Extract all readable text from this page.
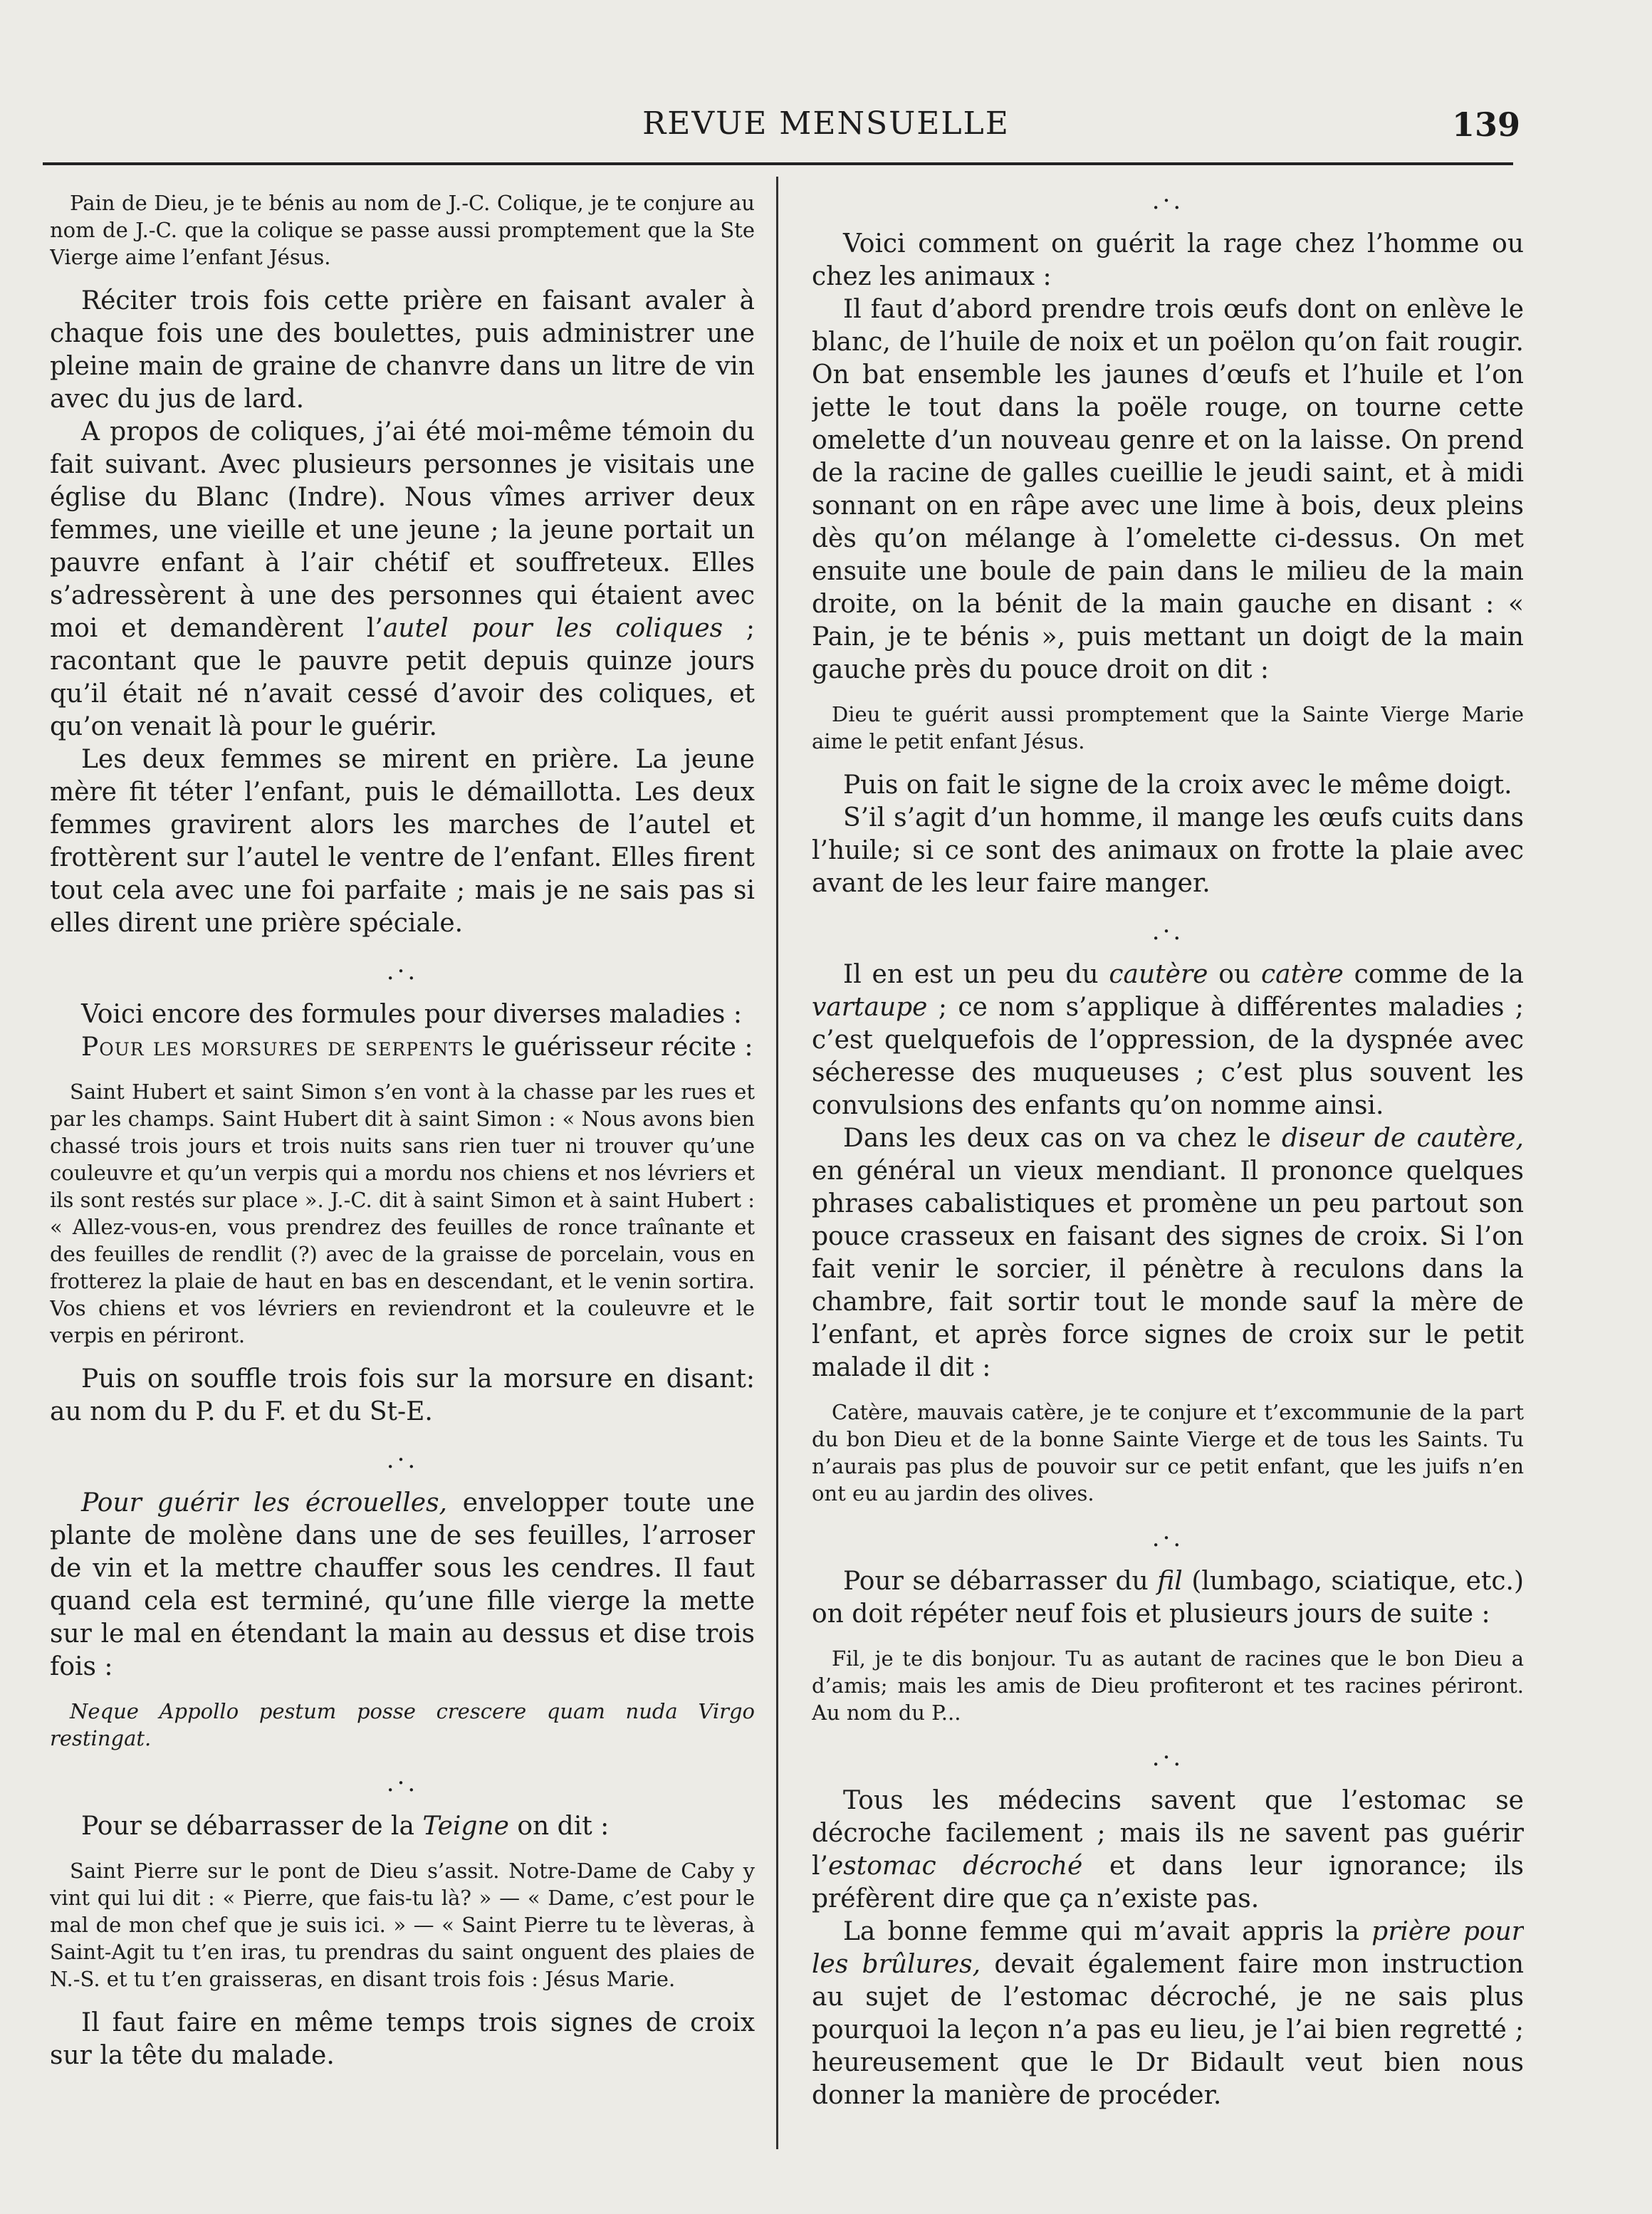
REVUE MENSUELLE	139

Pain de Dieu, je te bénis au nom de J.-C. Colique, je te conjure au nom de J.-C. que la colique se passe aussi promptement que la Ste Vierge aime l’enfant Jésus.

Réciter trois fois cette prière en faisant avaler à chaque fois une des boulettes, puis administrer une pleine main de graine de chanvre dans un litre de vin avec du jus de lard.

A propos de coliques, j’ai été moi-même témoin du fait suivant. Avec plusieurs personnes je visitais une église du Blanc (Indre). Nous vîmes arriver deux femmes, une vieille et une jeune ; la jeune portait un pauvre enfant à l’air chétif et souffreteux. Elles s’adressèrent à une des personnes qui étaient avec moi et demandèrent l’autel pour les coliques ; racontant que le pauvre petit depuis quinze jours qu’il était né n’avait cessé d’avoir des coliques, et qu’on venait là pour le guérir.

Les deux femmes se mirent en prière. La jeune mère fit téter l’enfant, puis le démaillotta. Les deux femmes gravirent alors les marches de l’autel et frottèrent sur l’autel le ventre de l’enfant. Elles firent tout cela avec une foi parfaite ; mais je ne sais pas si elles dirent une prière spéciale.

.·.

Voici encore des formules pour diverses maladies :

Pour les morsures de serpents le guérisseur récite :

Saint Hubert et saint Simon s’en vont à la chasse par les rues et par les champs. Saint Hubert dit à saint Simon : « Nous avons bien chassé trois jours et trois nuits sans rien tuer ni trouver qu’une couleuvre et qu’un verpis qui a mordu nos chiens et nos lévriers et ils sont restés sur place ». J.-C. dit à saint Simon et à saint Hubert : « Allez-vous-en, vous prendrez des feuilles de ronce traînante et des feuilles de rendlit (?) avec de la graisse de porcelain, vous en frotterez la plaie de haut en bas en descendant, et le venin sortira. Vos chiens et vos lévriers en reviendront et la couleuvre et le verpis en périront.

Puis on souffle trois fois sur la morsure en disant: au nom du P. du F. et du St-E.

.·.

Pour guérir les écrouelles, envelopper toute une plante de molène dans une de ses feuilles, l’arroser de vin et la mettre chauffer sous les cendres. Il faut quand cela est terminé, qu’une fille vierge la mette sur le mal en étendant la main au dessus et dise trois fois :

Neque Appollo pestum posse crescere quam nuda Virgo restingat.

.·.

Pour se débarrasser de la Teigne on dit :

Saint Pierre sur le pont de Dieu s’assit. Notre-Dame de Caby y vint qui lui dit : « Pierre, que fais-tu là? » — « Dame, c’est pour le mal de mon chef que je suis ici. » — « Saint Pierre tu te lèveras, à Saint-Agit tu t’en iras, tu prendras du saint onguent des plaies de N.-S. et tu t’en graisseras, en disant trois fois : Jésus Marie.

Il faut faire en même temps trois signes de croix sur la tête du malade.

.·.

Voici comment on guérit la rage chez l’homme ou chez les animaux :

Il faut d’abord prendre trois œufs dont on enlève le blanc, de l’huile de noix et un poëlon qu’on fait rougir. On bat ensemble les jaunes d’œufs et l’huile et l’on jette le tout dans la poële rouge, on tourne cette omelette d’un nouveau genre et on la laisse. On prend de la racine de galles cueillie le jeudi saint, et à midi sonnant on en râpe avec une lime à bois, deux pleins dès qu’on mélange à l’omelette ci-dessus. On met ensuite une boule de pain dans le milieu de la main droite, on la bénit de la main gauche en disant : « Pain, je te bénis », puis mettant un doigt de la main gauche près du pouce droit on dit :

Dieu te guérit aussi promptement que la Sainte Vierge Marie aime le petit enfant Jésus.

Puis on fait le signe de la croix avec le même doigt.

S’il s’agit d’un homme, il mange les œufs cuits dans l’huile; si ce sont des animaux on frotte la plaie avec avant de les leur faire manger.

.·.

Il en est un peu du cautère ou catère comme de la vartaupe ; ce nom s’applique à différentes maladies ; c’est quelquefois de l’oppression, de la dyspnée avec sécheresse des muqueuses ; c’est plus souvent les convulsions des enfants qu’on nomme ainsi.

Dans les deux cas on va chez le diseur de cautère, en général un vieux mendiant. Il prononce quelques phrases cabalistiques et promène un peu partout son pouce crasseux en faisant des signes de croix. Si l’on fait venir le sorcier, il pénètre à reculons dans la chambre, fait sortir tout le monde sauf la mère de l’enfant, et après force signes de croix sur le petit malade il dit :

Catère, mauvais catère, je te conjure et t’excommunie de la part du bon Dieu et de la bonne Sainte Vierge et de tous les Saints. Tu n’aurais pas plus de pouvoir sur ce petit enfant, que les juifs n’en ont eu au jardin des olives.

.·.

Pour se débarrasser du fil (lumbago, sciatique, etc.) on doit répéter neuf fois et plusieurs jours de suite :

Fil, je te dis bonjour. Tu as autant de racines que le bon Dieu a d’amis; mais les amis de Dieu profiteront et tes racines périront. Au nom du P...

.·.

Tous les médecins savent que l’estomac se décroche facilement ; mais ils ne savent pas guérir l’estomac décroché et dans leur ignorance; ils préfèrent dire que ça n’existe pas.

La bonne femme qui m’avait appris la prière pour les brûlures, devait également faire mon instruction au sujet de l’estomac décroché, je ne sais plus pourquoi la leçon n’a pas eu lieu, je l’ai bien regretté ; heureusement que le Dr Bidault veut bien nous donner la manière de procéder.
